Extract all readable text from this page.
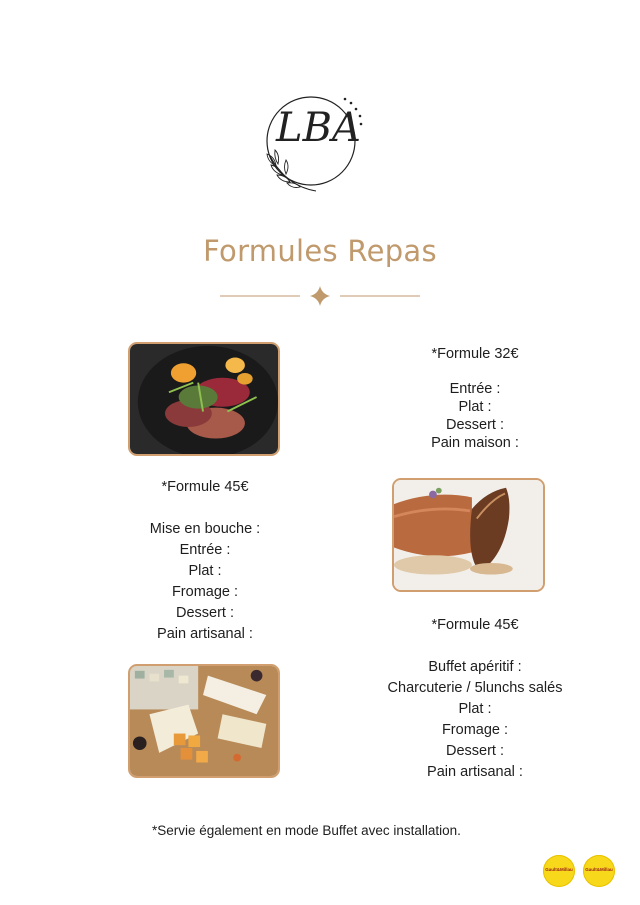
LBA
Formules Repas
*Formule 45€
Mise en bouche :
Entrée :
Plat :
Fromage :
Dessert :
Pain artisanal :
*Formule 32€
Entrée :
Plat :
Dessert :
Pain maison :
*Formule 45€
Buffet apéritif :
Charcuterie / 5lunchs salés
Plat :
Fromage :
Dessert :
Pain artisanal :
*Servie également en mode Buffet avec installation.
Gault&Millau	Gault&Millau
